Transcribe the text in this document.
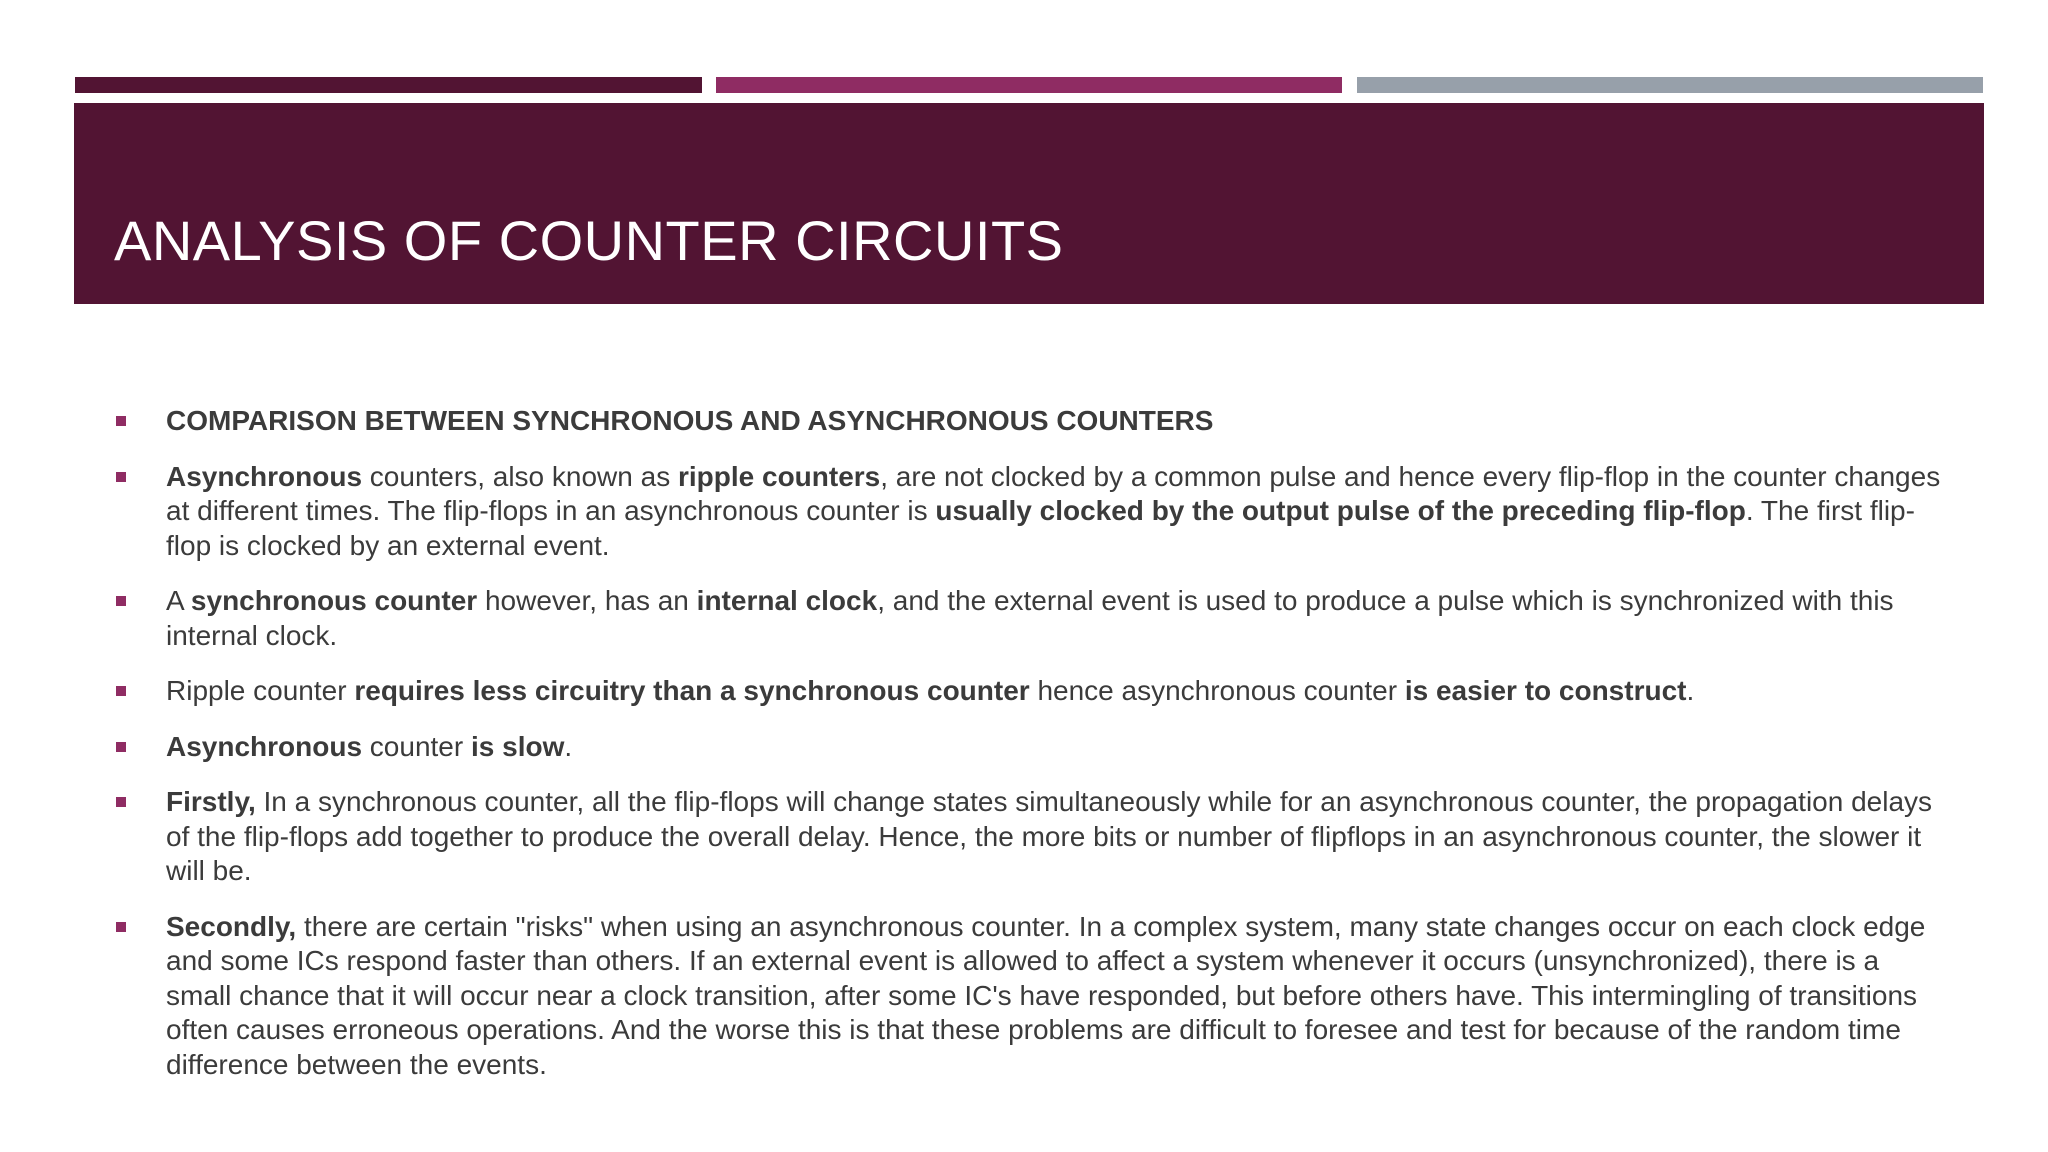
ANALYSIS OF COUNTER CIRCUITS
COMPARISON BETWEEN SYNCHRONOUS AND ASYNCHRONOUS COUNTERS
Asynchronous counters, also known as ripple counters, are not clocked by a common pulse and hence every flip-flop in the counter changes at different times. The flip-flops in an asynchronous counter is usually clocked by the output pulse of the preceding flip-flop. The first flip-flop is clocked by an external event.
A synchronous counter however, has an internal clock, and the external event is used to produce a pulse which is synchronized with this internal clock.
Ripple counter requires less circuitry than a synchronous counter hence asynchronous counter is easier to construct.
Asynchronous counter is slow.
Firstly, In a synchronous counter, all the flip-flops will change states simultaneously while for an asynchronous counter, the propagation delays of the flip-flops add together to produce the overall delay. Hence, the more bits or number of flipflops in an asynchronous counter, the slower it will be.
Secondly, there are certain "risks" when using an asynchronous counter. In a complex system, many state changes occur on each clock edge and some ICs respond faster than others. If an external event is allowed to affect a system whenever it occurs (unsynchronized), there is a small chance that it will occur near a clock transition, after some IC's have responded, but before others have. This intermingling of transitions often causes erroneous operations. And the worse this is that these problems are difficult to foresee and test for because of the random time difference between the events.
